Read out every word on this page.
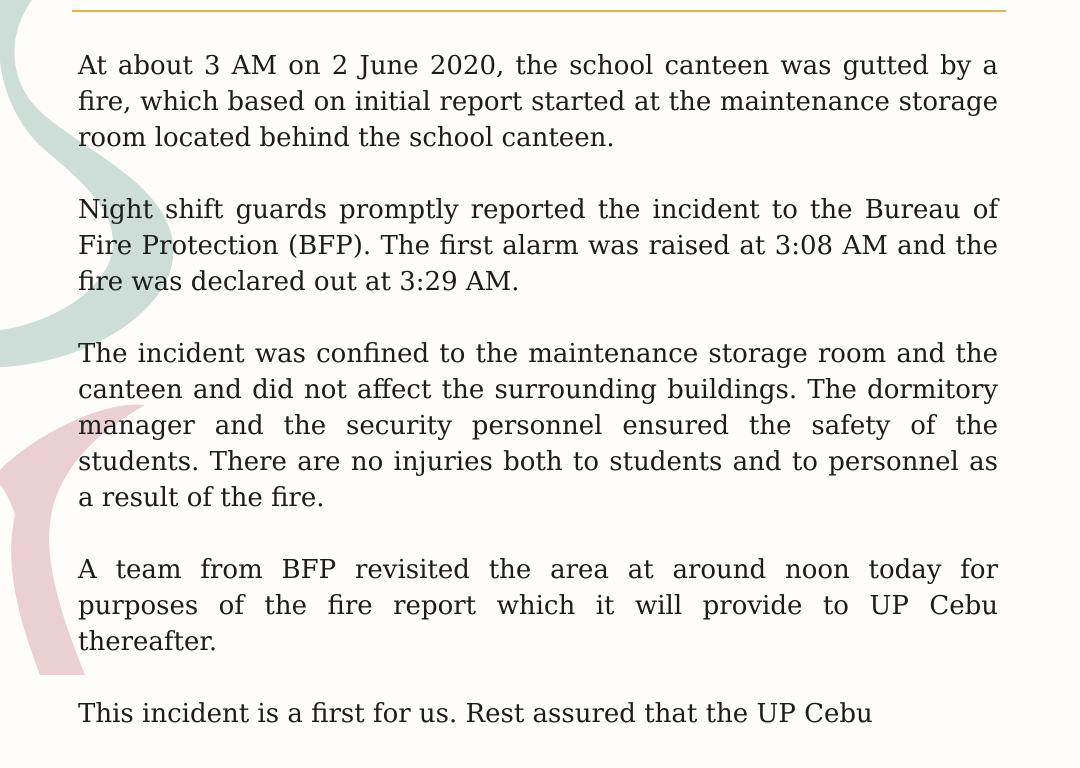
At about 3 AM on 2 June 2020, the school canteen was gutted by a fire, which based on initial report started at the maintenance storage room located behind the school canteen.

Night shift guards promptly reported the incident to the Bureau of Fire Protection (BFP). The first alarm was raised at 3:08 AM and the fire was declared out at 3:29 AM.

The incident was confined to the maintenance storage room and the canteen and did not affect the surrounding buildings. The dormitory manager and the security personnel ensured the safety of the students. There are no injuries both to students and to personnel as a result of the fire.

A team from BFP revisited the area at around noon today for purposes of the fire report which it will provide to UP Cebu thereafter.

This incident is a first for us. Rest assured that the UP Cebu
